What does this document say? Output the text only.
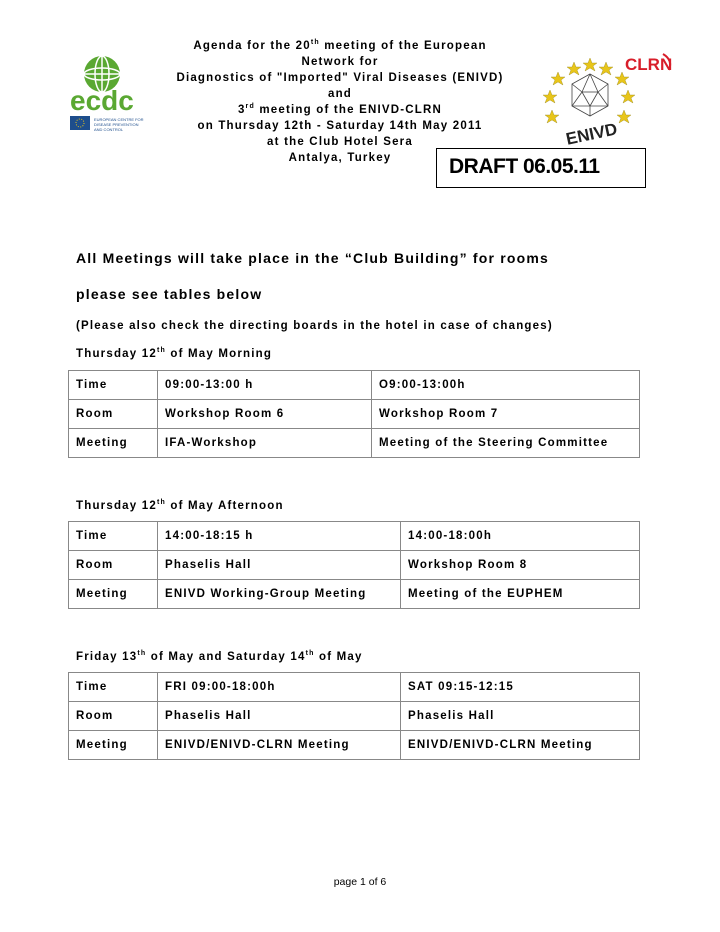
Agenda for the 20th meeting of the European
Network for
Diagnostics of "Imported" Viral Diseases (ENIVD)
and
3rd meeting of the ENIVD-CLRN
on Thursday 12th - Saturday 14th May 2011
at the Club Hotel Sera
Antalya, Turkey
ecdc
EUROPEAN CENTRE FOR DISEASE PREVENTION AND CONTROL
CLRN
ENIVD
DRAFT 06.05.11
All Meetings will take place in the “Club Building” for rooms
please see tables below
(Please also check the directing boards in the hotel in case of changes)
Thursday 12th of May Morning
Time	09:00-13:00 h	O9:00-13:00h
Room	Workshop Room 6	Workshop Room 7
Meeting	IFA-Workshop	Meeting of the Steering Committee
Thursday 12th of May Afternoon
Time	14:00-18:15 h	14:00-18:00h
Room	Phaselis Hall	Workshop Room 8
Meeting	ENIVD Working-Group Meeting	Meeting of the EUPHEM
Friday 13th of May and Saturday 14th of May
Time	FRI 09:00-18:00h	SAT 09:15-12:15
Room	Phaselis Hall	Phaselis Hall
Meeting	ENIVD/ENIVD-CLRN Meeting	ENIVD/ENIVD-CLRN Meeting
page 1 of 6
